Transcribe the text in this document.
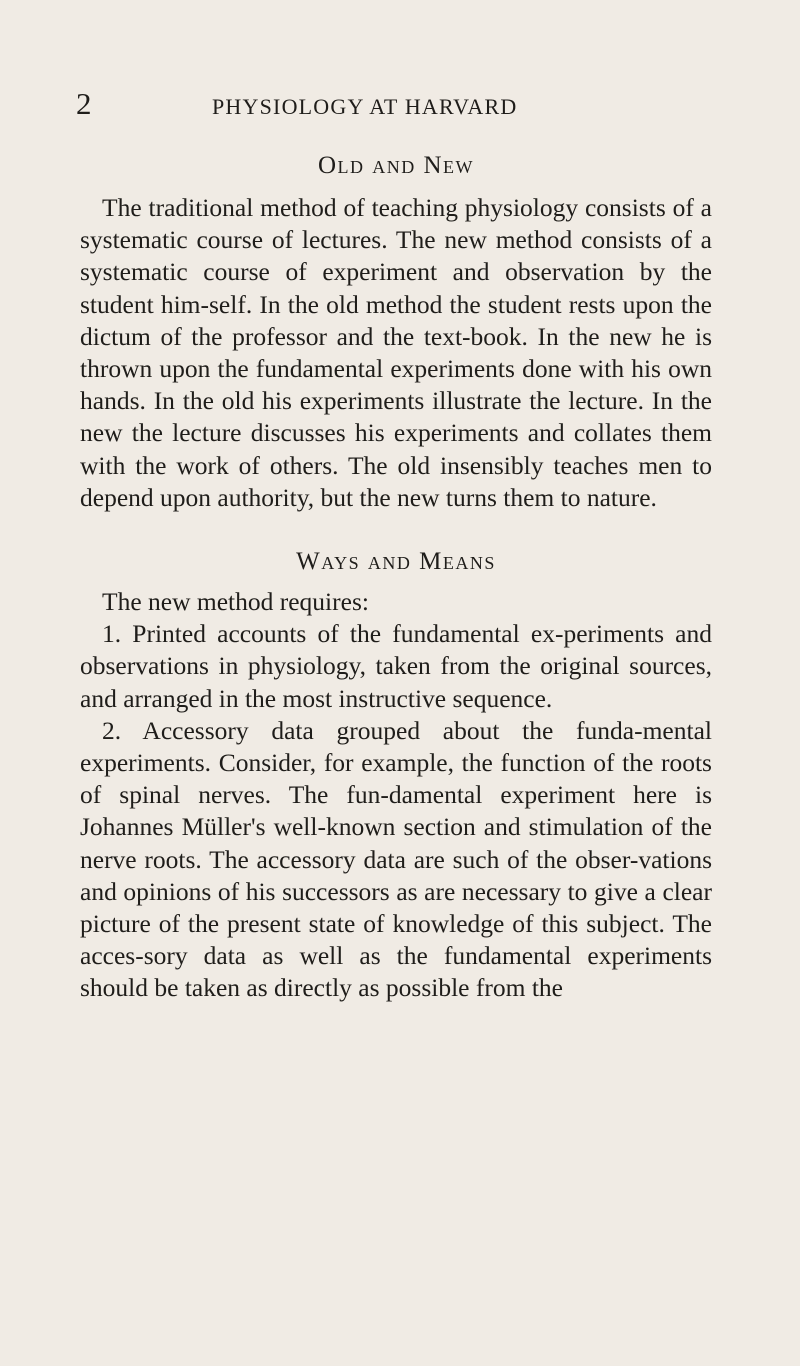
2	PHYSIOLOGY AT HARVARD
Old and New

The traditional method of teaching physiology consists of a systematic course of lectures. The new method consists of a systematic course of experiment and observation by the student him-self. In the old method the student rests upon the dictum of the professor and the text-book. In the new he is thrown upon the fundamental experiments done with his own hands. In the old his experiments illustrate the lecture. In the new the lecture discusses his experiments and collates them with the work of others. The old insensibly teaches men to depend upon authority, but the new turns them to nature.

Ways and Means

The new method requires:

1. Printed accounts of the fundamental ex-periments and observations in physiology, taken from the original sources, and arranged in the most instructive sequence.

2. Accessory data grouped about the funda-mental experiments. Consider, for example, the function of the roots of spinal nerves. The fun-damental experiment here is Johannes Müller's well-known section and stimulation of the nerve roots. The accessory data are such of the obser-vations and opinions of his successors as are necessary to give a clear picture of the present state of knowledge of this subject. The acces-sory data as well as the fundamental experiments should be taken as directly as possible from the
